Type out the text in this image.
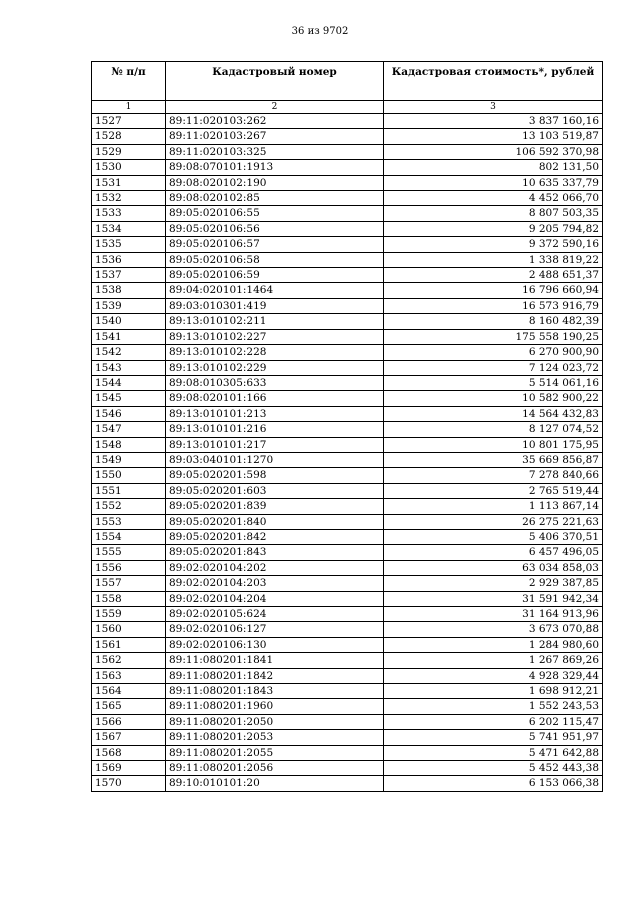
36 из 9702
№ п/п	Кадастровый номер	Кадастровая стоимость*, рублей
1	2	3
1527	89:11:020103:262	3 837 160,16
1528	89:11:020103:267	13 103 519,87
1529	89:11:020103:325	106 592 370,98
1530	89:08:070101:1913	802 131,50
1531	89:08:020102:190	10 635 337,79
1532	89:08:020102:85	4 452 066,70
1533	89:05:020106:55	8 807 503,35
1534	89:05:020106:56	9 205 794,82
1535	89:05:020106:57	9 372 590,16
1536	89:05:020106:58	1 338 819,22
1537	89:05:020106:59	2 488 651,37
1538	89:04:020101:1464	16 796 660,94
1539	89:03:010301:419	16 573 916,79
1540	89:13:010102:211	8 160 482,39
1541	89:13:010102:227	175 558 190,25
1542	89:13:010102:228	6 270 900,90
1543	89:13:010102:229	7 124 023,72
1544	89:08:010305:633	5 514 061,16
1545	89:08:020101:166	10 582 900,22
1546	89:13:010101:213	14 564 432,83
1547	89:13:010101:216	8 127 074,52
1548	89:13:010101:217	10 801 175,95
1549	89:03:040101:1270	35 669 856,87
1550	89:05:020201:598	7 278 840,66
1551	89:05:020201:603	2 765 519,44
1552	89:05:020201:839	1 113 867,14
1553	89:05:020201:840	26 275 221,63
1554	89:05:020201:842	5 406 370,51
1555	89:05:020201:843	6 457 496,05
1556	89:02:020104:202	63 034 858,03
1557	89:02:020104:203	2 929 387,85
1558	89:02:020104:204	31 591 942,34
1559	89:02:020105:624	31 164 913,96
1560	89:02:020106:127	3 673 070,88
1561	89:02:020106:130	1 284 980,60
1562	89:11:080201:1841	1 267 869,26
1563	89:11:080201:1842	4 928 329,44
1564	89:11:080201:1843	1 698 912,21
1565	89:11:080201:1960	1 552 243,53
1566	89:11:080201:2050	6 202 115,47
1567	89:11:080201:2053	5 741 951,97
1568	89:11:080201:2055	5 471 642,88
1569	89:11:080201:2056	5 452 443,38
1570	89:10:010101:20	6 153 066,38
